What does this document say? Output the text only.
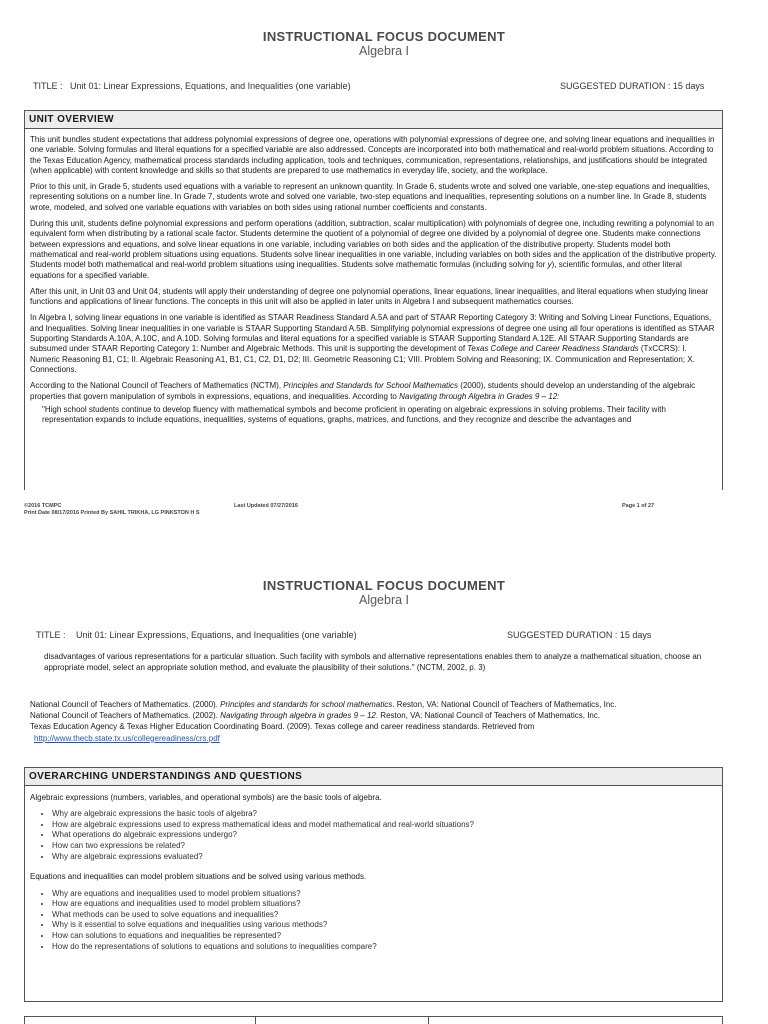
INSTRUCTIONAL FOCUS DOCUMENT

Algebra I

TITLE : Unit 01: Linear Expressions, Equations, and Inequalities (one variable)	SUGGESTED DURATION : 15 days
UNIT OVERVIEW

This unit bundles student expectations that address polynomial expressions of degree one, operations with polynomial expressions of degree one, and solving linear equations and inequalities in one variable. Solving formulas and literal equations for a specified variable are also addressed. Concepts are incorporated into both mathematical and real-world problem situations. According to the Texas Education Agency, mathematical process standards including application, tools and techniques, communication, representations, relationships, and justifications should be integrated (when applicable) with content knowledge and skills so that students are prepared to use mathematics in everyday life, society, and the workplace.

Prior to this unit, in Grade 5, students used equations with a variable to represent an unknown quantity. In Grade 6, students wrote and solved one variable, one-step equations and inequalities, representing solutions on a number line. In Grade 7, students wrote and solved one variable, two-step equations and inequalities, representing solutions on a number line. In Grade 8, students wrote, modeled, and solved one variable equations with variables on both sides using rational number coefficients and constants.

During this unit, students define polynomial expressions and perform operations (addition, subtraction, scalar multiplication) with polynomials of degree one, including rewriting a polynomial to an equivalent form when distributing by a rational scale factor. Students determine the quotient of a polynomial of degree one divided by a polynomial of degree one. Students make connections between expressions and equations, and solve linear equations in one variable, including variables on both sides and the application of the distributive property. Students model both mathematical and real-world problem situations using equations. Students solve linear inequalities in one variable, including variables on both sides and the application of the distributive property. Students model both mathematical and real-world problem situations using inequalities. Students solve mathematic formulas (including solving for y), scientific formulas, and other literal equations for a specified variable.

After this unit, in Unit 03 and Unit 04, students will apply their understanding of degree one polynomial operations, linear equations, linear inequalities, and literal equations when studying linear functions and applications of linear functions. The concepts in this unit will also be applied in later units in Algebra I and subsequent mathematics courses.

In Algebra I, solving linear equations in one variable is identified as STAAR Readiness Standard A.5A and part of STAAR Reporting Category 3: Writing and Solving Linear Functions, Equations, and Inequalities. Solving linear inequalities in one variable is STAAR Supporting Standard A.5B. Simplifying polynomial expressions of degree one using all four operations is identified as STAAR Supporting Standards A.10A, A.10C, and A.10D. Solving formulas and literal equations for a specified variable is STAAR Supporting Standard A.12E. All STAAR Supporting Standards are subsumed under STAAR Reporting Category 1: Number and Algebraic Methods. This unit is supporting the development of Texas College and Career Readiness Standards (TxCCRS): I. Numeric Reasoning B1, C1; II. Algebraic Reasoning A1, B1, C1, C2, D1, D2; III. Geometric Reasoning C1; VIII. Problem Solving and Reasoning; IX. Communication and Representation; X. Connections.

According to the National Council of Teachers of Mathematics (NCTM), Principles and Standards for School Mathematics (2000), students should develop an understanding of the algebraic properties that govern manipulation of symbols in expressions, equations, and inequalities. According to Navigating through Algebra in Grades 9 – 12:

"High school students continue to develop fluency with mathematical symbols and become proficient in operating on algebraic expressions in solving problems. Their facility with representation expands to include equations, inequalities, systems of equations, graphs, matrices, and functions, and they recognize and describe the advantages and

©2016 TCMPC
Print Date 08/17/2016 Printed By SAHIL TRIKHA, LG PINKSTON H S
Last Updated 07/27/2016	Page 1 of 27

INSTRUCTIONAL FOCUS DOCUMENT

Algebra I

TITLE : Unit 01: Linear Expressions, Equations, and Inequalities (one variable)	SUGGESTED DURATION : 15 days

disadvantages of various representations for a particular situation. Such facility with symbols and alternative representations enables them to analyze a mathematical situation, choose an appropriate model, select an appropriate solution method, and evaluate the plausibility of their solutions." (NCTM, 2002, p. 3)

National Council of Teachers of Mathematics. (2000). Principles and standards for school mathematics. Reston, VA: National Council of Teachers of Mathematics, Inc.

National Council of Teachers of Mathematics. (2002). Navigating through algebra in grades 9 – 12. Reston, VA: National Council of Teachers of Mathematics, Inc.

Texas Education Agency & Texas Higher Education Coordinating Board. (2009). Texas college and career readiness standards. Retrieved from

http://www.thecb.state.tx.us/collegereadiness/crs.pdf

OVERARCHING UNDERSTANDINGS AND QUESTIONS

Algebraic expressions (numbers, variables, and operational symbols) are the basic tools of algebra.

• Why are algebraic expressions the basic tools of algebra?
• How are algebraic expressions used to express mathematical ideas and model mathematical and real-world situations?
• What operations do algebraic expressions undergo?
• How can two expressions be related?
• Why are algebraic expressions evaluated?

Equations and inequalities can model problem situations and be solved using various methods.

• Why are equations and inequalities used to model problem situations?
• How are equations and inequalities used to model problem situations?
• What methods can be used to solve equations and inequalities?
• Why is it essential to solve equations and inequalities using various methods?
• How can solutions to equations and inequalities be represented?
• How do the representations of solutions to equations and solutions to inequalities compare?
